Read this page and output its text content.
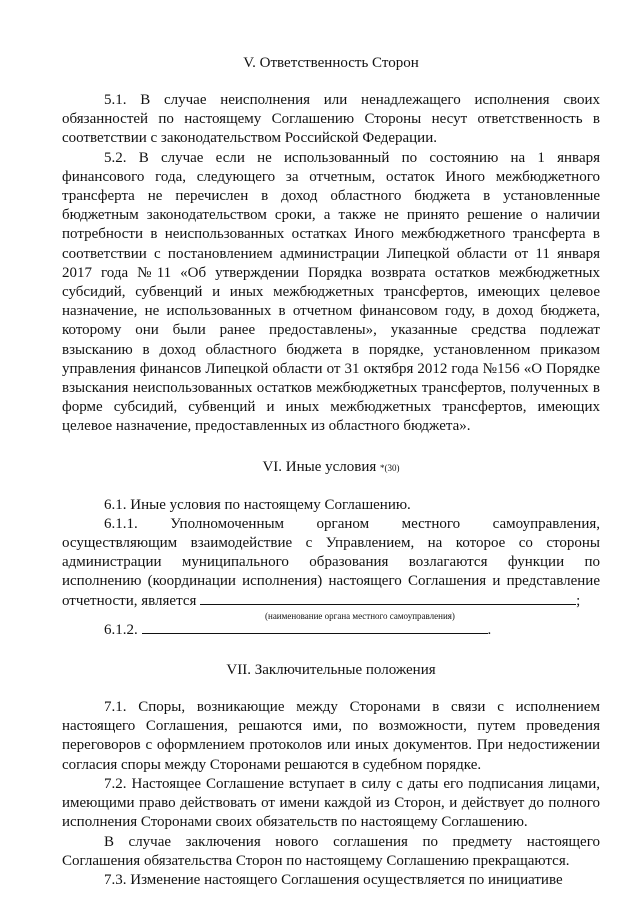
V. Ответственность Сторон

5.1. В случае неисполнения или ненадлежащего исполнения своих обязанностей по настоящему Соглашению Стороны несут ответственность в соответствии с законодательством Российской Федерации.

5.2. В случае если не использованный по состоянию на 1 января финансового года, следующего за отчетным, остаток Иного межбюджетного трансферта не перечислен в доход областного бюджета в установленные бюджетным законодательством сроки, а также не принято решение о наличии потребности в неиспользованных остатках Иного межбюджетного трансферта в соответствии с постановлением администрации Липецкой области от 11 января 2017 года №11 «Об утверждении Порядка возврата остатков межбюджетных субсидий, субвенций и иных межбюджетных трансфертов, имеющих целевое назначение, не использованных в отчетном финансовом году, в доход бюджета, которому они были ранее предоставлены», указанные средства подлежат взысканию в доход областного бюджета в порядке, установленном приказом управления финансов Липецкой области от 31 октября 2012 года №156 «О Порядке взыскания неиспользованных остатков межбюджетных трансфертов, полученных в форме субсидий, субвенций и иных межбюджетных трансфертов, имеющих целевое назначение, предоставленных из областного бюджета».

VI. Иные условия *(30)

6.1. Иные условия по настоящему Соглашению.

6.1.1. Уполномоченным органом местного самоуправления, осуществляющим взаимодействие с Управлением, на которое со стороны администрации муниципального образования возлагаются функции по исполнению (координации исполнения) настоящего Соглашения и представление отчетности, является	;

(наименование органа местного самоуправления)

6.1.2.	.

VII. Заключительные положения

7.1. Споры, возникающие между Сторонами в связи с исполнением настоящего Соглашения, решаются ими, по возможности, путем проведения переговоров с оформлением протоколов или иных документов. При недостижении согласия споры между Сторонами решаются в судебном порядке.

7.2. Настоящее Соглашение вступает в силу с даты его подписания лицами, имеющими право действовать от имени каждой из Сторон, и действует до полного исполнения Сторонами своих обязательств по настоящему Соглашению.

В случае заключения нового соглашения по предмету настоящего Соглашения обязательства Сторон по настоящему Соглашению прекращаются.

7.3. Изменение настоящего Соглашения осуществляется по инициативе
